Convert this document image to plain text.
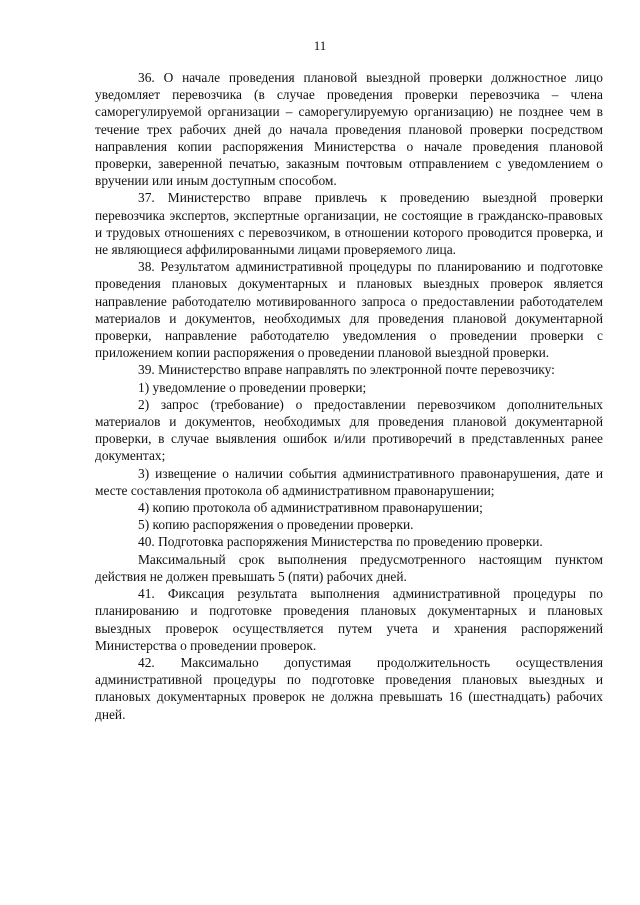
11

36. О начале проведения плановой выездной проверки должностное лицо уведомляет перевозчика (в случае проведения проверки перевозчика – члена саморегулируемой организации – саморегулируемую организацию) не позднее чем в течение трех рабочих дней до начала проведения плановой проверки посредством направления копии распоряжения Министерства о начале проведения плановой проверки, заверенной печатью, заказным почтовым отправлением с уведомлением о вручении или иным доступным способом.

37. Министерство вправе привлечь к проведению выездной проверки перевозчика экспертов, экспертные организации, не состоящие в гражданско-правовых и трудовых отношениях с перевозчиком, в отношении которого проводится проверка, и не являющиеся аффилированными лицами проверяемого лица.

38. Результатом административной процедуры по планированию и подготовке проведения плановых документарных и плановых выездных проверок является направление работодателю мотивированного запроса о предоставлении работодателем материалов и документов, необходимых для проведения плановой документарной проверки, направление работодателю уведомления о проведении проверки с приложением копии распоряжения о проведении плановой выездной проверки.

39. Министерство вправе направлять по электронной почте перевозчику:

1) уведомление о проведении проверки;

2) запрос (требование) о предоставлении перевозчиком дополнительных материалов и документов, необходимых для проведения плановой документарной проверки, в случае выявления ошибок и/или противоречий в представленных ранее документах;

3) извещение о наличии события административного правонарушения, дате и месте составления протокола об административном правонарушении;

4) копию протокола об административном правонарушении;

5) копию распоряжения о проведении проверки.

40. Подготовка распоряжения Министерства по проведению проверки.

Максимальный срок выполнения предусмотренного настоящим пунктом действия не должен превышать 5 (пяти) рабочих дней.

41. Фиксация результата выполнения административной процедуры по планированию и подготовке проведения плановых документарных и плановых выездных проверок осуществляется путем учета и хранения распоряжений Министерства о проведении проверок.

42. Максимально допустимая продолжительность осуществления административной процедуры по подготовке проведения плановых выездных и плановых документарных проверок не должна превышать 16 (шестнадцать) рабочих дней.
